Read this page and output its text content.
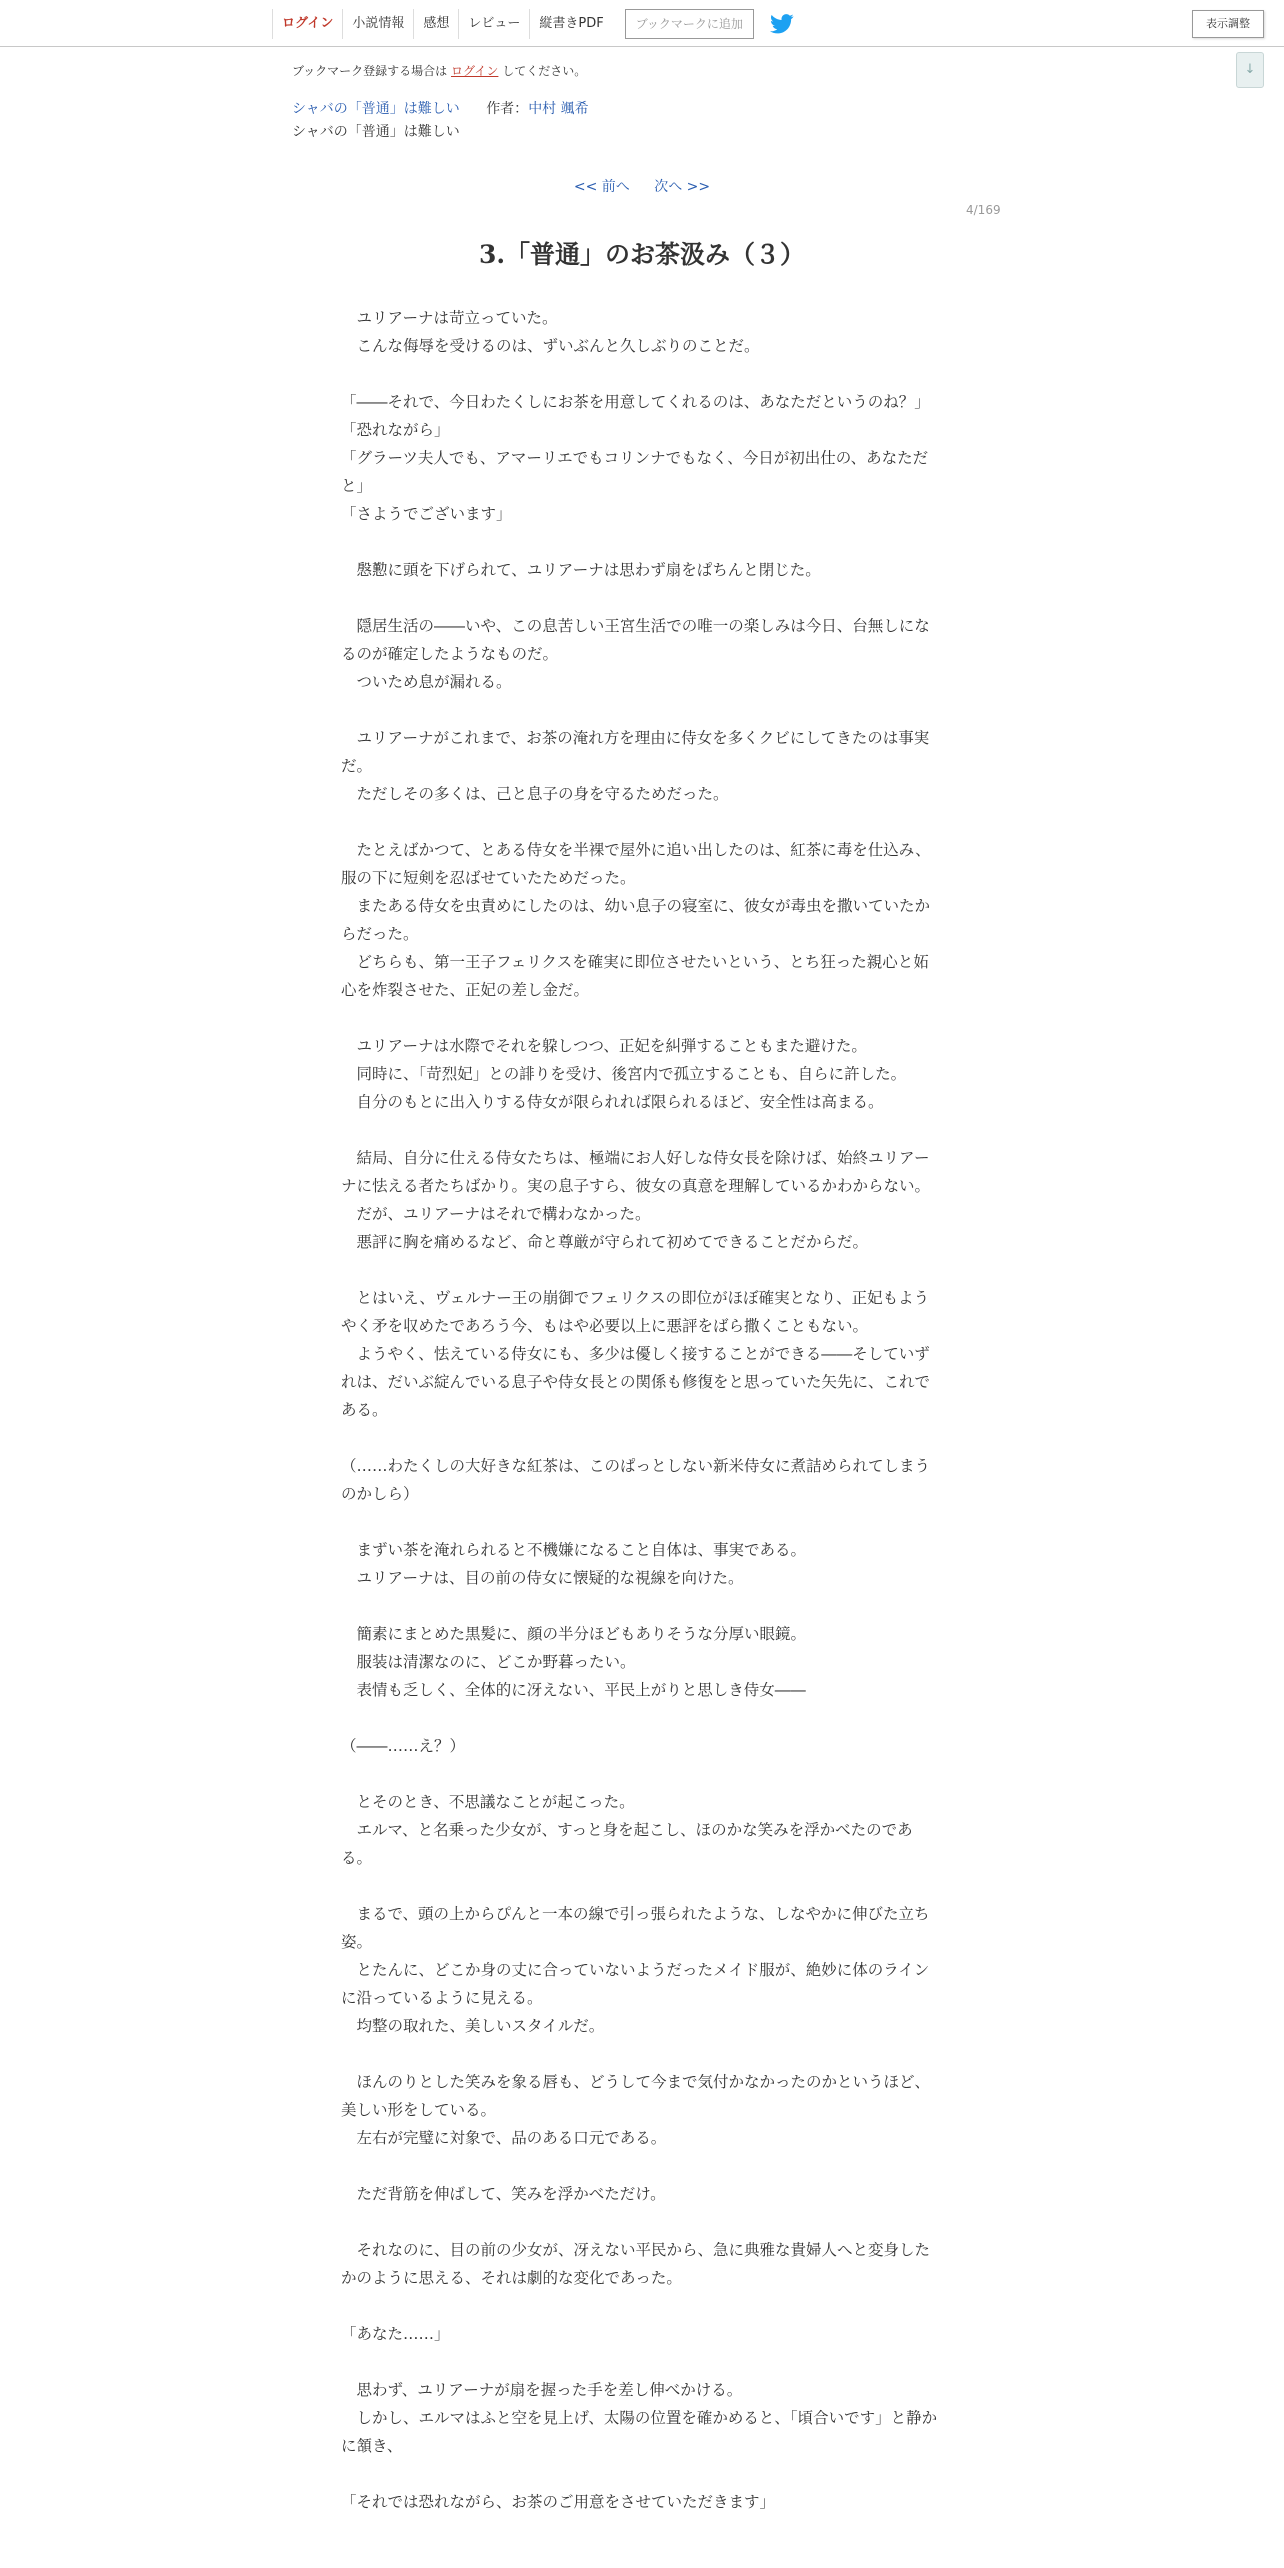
ログイン	小説情報	感想	レビュー	縦書きPDF	ブックマークに追加	表示調整
↓
ブックマーク登録する場合は ログイン してください。
シャバの「普通」は難しい 作者：中村 颯希
シャバの「普通」は難しい
<< 前へ 次へ >>
4/169
3.「普通」のお茶汲み（３）
　ユリアーナは苛立っていた。
　こんな侮辱を受けるのは、ずいぶんと久しぶりのことだ。
「――それで、今日わたくしにお茶を用意してくれるのは、あなただというのね？」
「恐れながら」
「グラーツ夫人でも、アマーリエでもコリンナでもなく、今日が初出仕の、あなただと」
「さようでございます」
　慇懃に頭を下げられて、ユリアーナは思わず扇をぱちんと閉じた。
　隠居生活の――いや、この息苦しい王宮生活での唯一の楽しみは今日、台無しになるのが確定したようなものだ。
　ついため息が漏れる。
　ユリアーナがこれまで、お茶の淹れ方を理由に侍女を多くクビにしてきたのは事実だ。
　ただしその多くは、己と息子の身を守るためだった。
　たとえばかつて、とある侍女を半裸で屋外に追い出したのは、紅茶に毒を仕込み、服の下に短剣を忍ばせていたためだった。
　またある侍女を虫責めにしたのは、幼い息子の寝室に、彼女が毒虫を撒いていたからだった。
　どちらも、第一王子フェリクスを確実に即位させたいという、とち狂った親心と妬心を炸裂させた、正妃の差し金だ。
　ユリアーナは水際でそれを躱しつつ、正妃を糾弾することもまた避けた。
　同時に、「苛烈妃」との誹りを受け、後宮内で孤立することも、自らに許した。
　自分のもとに出入りする侍女が限られれば限られるほど、安全性は高まる。
　結局、自分に仕える侍女たちは、極端にお人好しな侍女長を除けば、始終ユリアーナに怯える者たちばかり。実の息子すら、彼女の真意を理解しているかわからない。
　だが、ユリアーナはそれで構わなかった。
　悪評に胸を痛めるなど、命と尊厳が守られて初めてできることだからだ。
　とはいえ、ヴェルナー王の崩御でフェリクスの即位がほぼ確実となり、正妃もようやく矛を収めたであろう今、もはや必要以上に悪評をばら撒くこともない。
　ようやく、怯えている侍女にも、多少は優しく接することができる――そしていずれは、だいぶ綻んでいる息子や侍女長との関係も修復をと思っていた矢先に、これである。
（……わたくしの大好きな紅茶は、このぱっとしない新米侍女に煮詰められてしまうのかしら）
　まずい茶を淹れられると不機嫌になること自体は、事実である。
　ユリアーナは、目の前の侍女に懐疑的な視線を向けた。
　簡素にまとめた黒髪に、顔の半分ほどもありそうな分厚い眼鏡。
　服装は清潔なのに、どこか野暮ったい。
　表情も乏しく、全体的に冴えない、平民上がりと思しき侍女――
（――……え？）
　とそのとき、不思議なことが起こった。
　エルマ、と名乗った少女が、すっと身を起こし、ほのかな笑みを浮かべたのである。
　まるで、頭の上からぴんと一本の線で引っ張られたような、しなやかに伸びた立ち姿。
　とたんに、どこか身の丈に合っていないようだったメイド服が、絶妙に体のラインに沿っているように見える。
　均整の取れた、美しいスタイルだ。
　ほんのりとした笑みを象る唇も、どうして今まで気付かなかったのかというほど、美しい形をしている。
　左右が完璧に対象で、品のある口元である。
　ただ背筋を伸ばして、笑みを浮かべただけ。
　それなのに、目の前の少女が、冴えない平民から、急に典雅な貴婦人へと変身したかのように思える、それは劇的な変化であった。
「あなた……」
　思わず、ユリアーナが扇を握った手を差し伸べかける。
　しかし、エルマはふと空を見上げ、太陽の位置を確かめると、「頃合いです」と静かに頷き、
「それでは恐れながら、お茶のご用意をさせていただきます」
